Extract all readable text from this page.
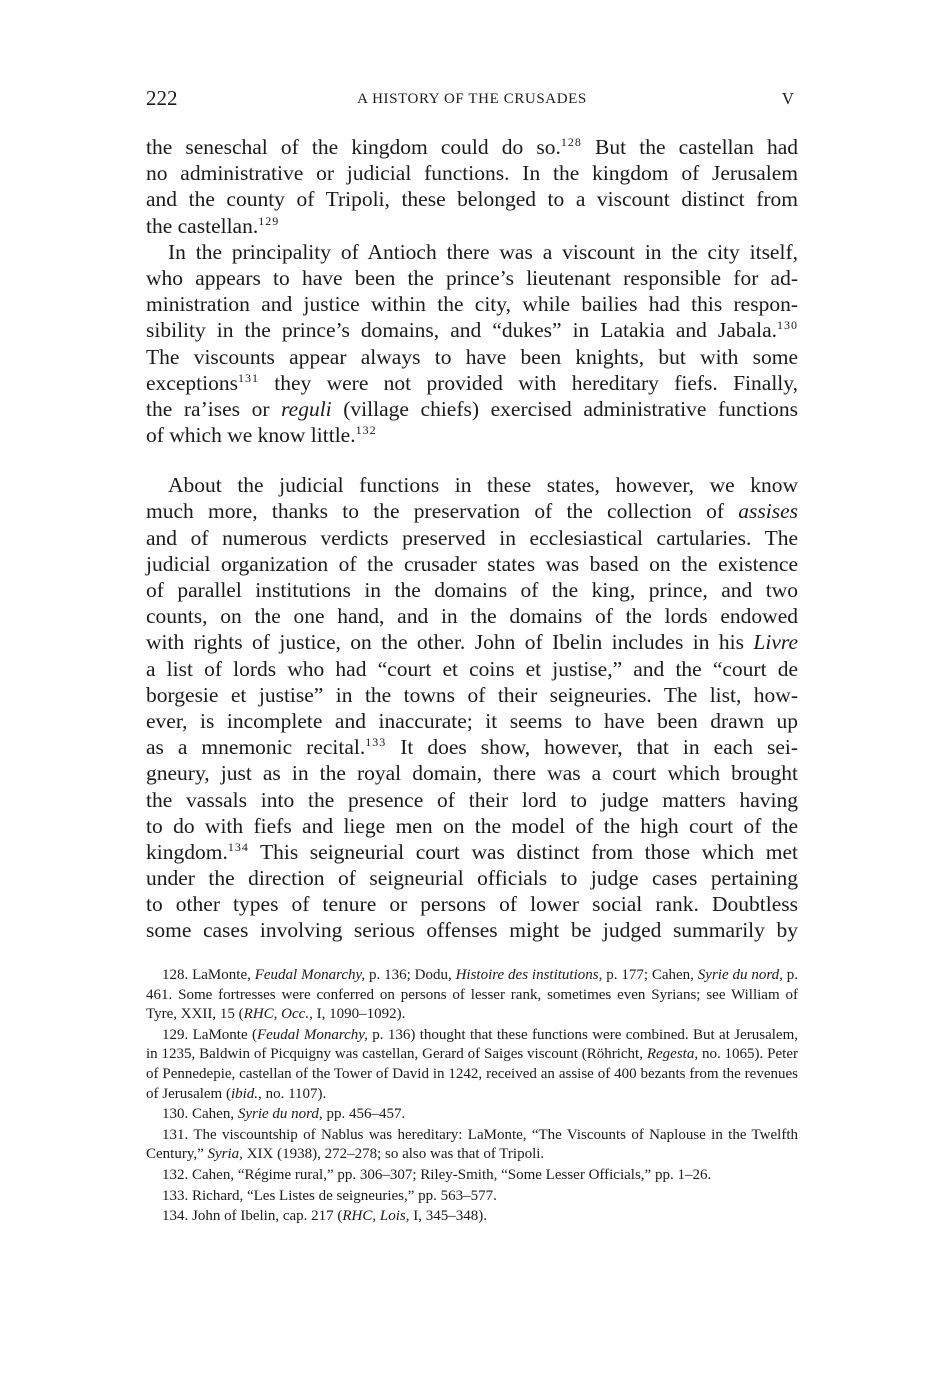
222	A HISTORY OF THE CRUSADES	V
the seneschal of the kingdom could do so.$^{128}$ But the castellan had
no administrative or judicial functions. In the kingdom of Jerusalem
and the county of Tripoli, these belonged to a viscount distinct from
the castellan.$^{129}$
In the principality of Antioch there was a viscount in the city itself,
who appears to have been the prince’s lieutenant responsible for ad-
ministration and justice within the city, while bailies had this respon-
sibility in the prince’s domains, and “dukes” in Latakia and Jabala.$^{130}$
The viscounts appear always to have been knights, but with some
exceptions$^{131}$ they were not provided with hereditary fiefs. Finally,
the ra’ises or reguli (village chiefs) exercised administrative functions
of which we know little.$^{132}$
About the judicial functions in these states, however, we know
much more, thanks to the preservation of the collection of assises
and of numerous verdicts preserved in ecclesiastical cartularies. The
judicial organization of the crusader states was based on the existence
of parallel institutions in the domains of the king, prince, and two
counts, on the one hand, and in the domains of the lords endowed
with rights of justice, on the other. John of Ibelin includes in his Livre
a list of lords who had “court et coins et justise,” and the “court de
borgesie et justise” in the towns of their seigneuries. The list, how-
ever, is incomplete and inaccurate; it seems to have been drawn up
as a mnemonic recital.$^{133}$ It does show, however, that in each sei-
gneury, just as in the royal domain, there was a court which brought
the vassals into the presence of their lord to judge matters having
to do with fiefs and liege men on the model of the high court of the
kingdom.$^{134}$ This seigneurial court was distinct from those which met
under the direction of seigneurial officials to judge cases pertaining
to other types of tenure or persons of lower social rank. Doubtless
some cases involving serious offenses might be judged summarily by
128. LaMonte, Feudal Monarchy, p. 136; Dodu, Histoire des institutions, p. 177; Cahen, Syrie du nord, p. 461. Some fortresses were conferred on persons of lesser rank, sometimes even Syrians; see William of Tyre, XXII, 15 (RHC, Occ., I, 1090–1092).
129. LaMonte (Feudal Monarchy, p. 136) thought that these functions were combined. But at Jerusalem, in 1235, Baldwin of Picquigny was castellan, Gerard of Saiges viscount (Röhricht, Regesta, no. 1065). Peter of Pennedepie, castellan of the Tower of David in 1242, received an assise of 400 bezants from the revenues of Jerusalem (ibid., no. 1107).
130. Cahen, Syrie du nord, pp. 456–457.
131. The viscountship of Nablus was hereditary: LaMonte, “The Viscounts of Naplouse in the Twelfth Century,” Syria, XIX (1938), 272–278; so also was that of Tripoli.
132. Cahen, “Régime rural,” pp. 306–307; Riley-Smith, “Some Lesser Officials,” pp. 1–26.
133. Richard, “Les Listes de seigneuries,” pp. 563–577.
134. John of Ibelin, cap. 217 (RHC, Lois, I, 345–348).
